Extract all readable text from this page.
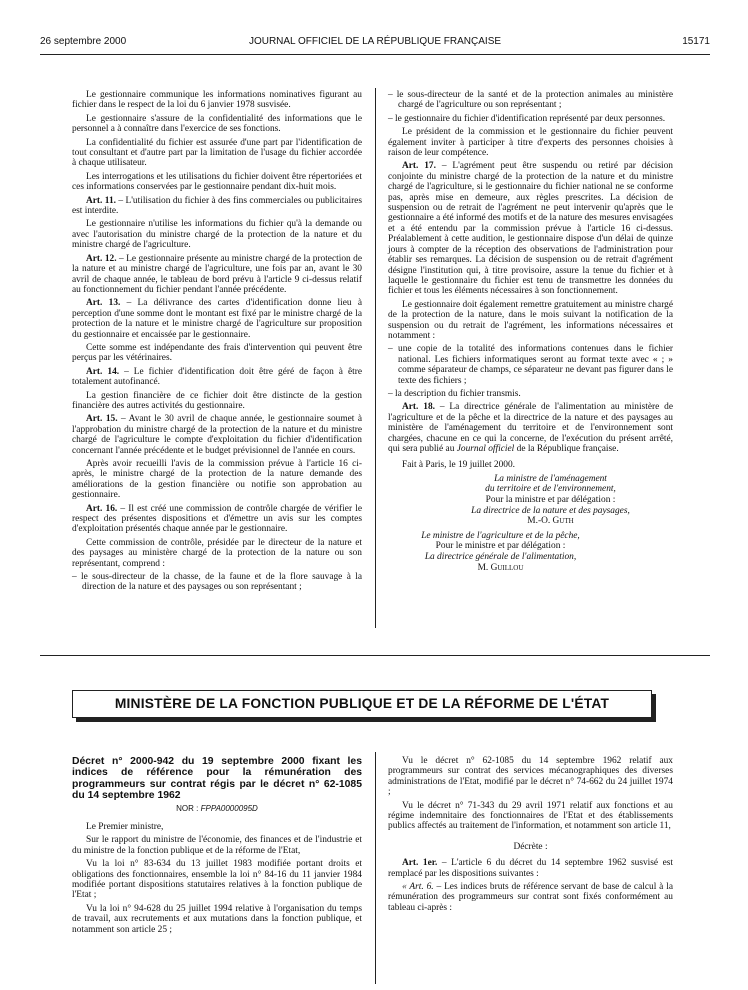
26 septembre 2000	JOURNAL OFFICIEL DE LA RÉPUBLIQUE FRANÇAISE	15171

Le gestionnaire communique les informations nominatives figurant au fichier dans le respect de la loi du 6 janvier 1978 susvisée.

Le gestionnaire s'assure de la confidentialité des informations que le personnel a à connaître dans l'exercice de ses fonctions.

La confidentialité du fichier est assurée d'une part par l'identification de tout consultant et d'autre part par la limitation de l'usage du fichier accordée à chaque utilisateur.

Les interrogations et les utilisations du fichier doivent être répertoriées et ces informations conservées par le gestionnaire pendant dix-huit mois.

Art. 11. – L'utilisation du fichier à des fins commerciales ou publicitaires est interdite.

Le gestionnaire n'utilise les informations du fichier qu'à la demande ou avec l'autorisation du ministre chargé de la protection de la nature et du ministre chargé de l'agriculture.

Art. 12. – Le gestionnaire présente au ministre chargé de la protection de la nature et au ministre chargé de l'agriculture, une fois par an, avant le 30 avril de chaque année, le tableau de bord prévu à l'article 9 ci-dessus relatif au fonctionnement du fichier pendant l'année précédente.

Art. 13. – La délivrance des cartes d'identification donne lieu à perception d'une somme dont le montant est fixé par le ministre chargé de la protection de la nature et le ministre chargé de l'agriculture sur proposition du gestionnaire et encaissée par le gestionnaire.

Cette somme est indépendante des frais d'intervention qui peuvent être perçus par les vétérinaires.

Art. 14. – Le fichier d'identification doit être géré de façon à être totalement autofinancé.

La gestion financière de ce fichier doit être distincte de la gestion financière des autres activités du gestionnaire.

Art. 15. – Avant le 30 avril de chaque année, le gestionnaire soumet à l'approbation du ministre chargé de la protection de la nature et du ministre chargé de l'agriculture le compte d'exploitation du fichier d'identification concernant l'année précédente et le budget prévisionnel de l'année en cours.

Après avoir recueilli l'avis de la commission prévue à l'article 16 ci-après, le ministre chargé de la protection de la nature demande des améliorations de la gestion financière ou notifie son approbation au gestionnaire.

Art. 16. – Il est créé une commission de contrôle chargée de vérifier le respect des présentes dispositions et d'émettre un avis sur les comptes d'exploitation présentés chaque année par le gestionnaire.

Cette commission de contrôle, présidée par le directeur de la nature et des paysages au ministère chargé de la protection de la nature ou son représentant, comprend :

– le sous-directeur de la chasse, de la faune et de la flore sauvage à la direction de la nature et des paysages ou son représentant ;

– le sous-directeur de la santé et de la protection animales au ministère chargé de l'agriculture ou son représentant ;

– le gestionnaire du fichier d'identification représenté par deux personnes.

Le président de la commission et le gestionnaire du fichier peuvent également inviter à participer à titre d'experts des personnes choisies à raison de leur compétence.

Art. 17. – L'agrément peut être suspendu ou retiré par décision conjointe du ministre chargé de la protection de la nature et du ministre chargé de l'agriculture, si le gestionnaire du fichier national ne se conforme pas, après mise en demeure, aux règles prescrites. La décision de suspension ou de retrait de l'agrément ne peut intervenir qu'après que le gestionnaire a été informé des motifs et de la nature des mesures envisagées et a été entendu par la commission prévue à l'article 16 ci-dessus. Préalablement à cette audition, le gestionnaire dispose d'un délai de quinze jours à compter de la réception des observations de l'administration pour établir ses remarques. La décision de suspension ou de retrait d'agrément désigne l'institution qui, à titre provisoire, assure la tenue du fichier et à laquelle le gestionnaire du fichier est tenu de transmettre les données du fichier et tous les éléments nécessaires à son fonctionnement.

Le gestionnaire doit également remettre gratuitement au ministre chargé de la protection de la nature, dans le mois suivant la notification de la suspension ou du retrait de l'agrément, les informations nécessaires et notamment :

– une copie de la totalité des informations contenues dans le fichier national. Les fichiers informatiques seront au format texte avec « ; » comme séparateur de champs, ce séparateur ne devant pas figurer dans le texte des fichiers ;

– la description du fichier transmis.

Art. 18. – La directrice générale de l'alimentation au ministère de l'agriculture et de la pêche et la directrice de la nature et des paysages au ministère de l'aménagement du territoire et de l'environnement sont chargées, chacune en ce qui la concerne, de l'exécution du présent arrêté, qui sera publié au Journal officiel de la République française.

Fait à Paris, le 19 juillet 2000.

La ministre de l'aménagement
du territoire et de l'environnement,
Pour la ministre et par délégation :
La directrice de la nature et des paysages,
M.-O. Guth
Le ministre de l'agriculture et de la pêche,
Pour le ministre et par délégation :
La directrice générale de l'alimentation,
M. Guillou
MINISTÈRE DE LA FONCTION PUBLIQUE ET DE LA RÉFORME DE L'ÉTAT
Décret n° 2000-942 du 19 septembre 2000 fixant les indices de référence pour la rémunération des programmeurs sur contrat régis par le décret n° 62-1085 du 14 septembre 1962
NOR : FPPA0000095D

Le Premier ministre,

Sur le rapport du ministre de l'économie, des finances et de l'industrie et du ministre de la fonction publique et de la réforme de l'Etat,

Vu la loi n° 83-634 du 13 juillet 1983 modifiée portant droits et obligations des fonctionnaires, ensemble la loi n° 84-16 du 11 janvier 1984 modifiée portant dispositions statutaires relatives à la fonction publique de l'Etat ;

Vu la loi n° 94-628 du 25 juillet 1994 relative à l'organisation du temps de travail, aux recrutements et aux mutations dans la fonction publique, et notamment son article 25 ;

Vu le décret n° 62-1085 du 14 septembre 1962 relatif aux programmeurs sur contrat des services mécanographiques des diverses administrations de l'Etat, modifié par le décret n° 74-662 du 24 juillet 1974 ;

Vu le décret n° 71-343 du 29 avril 1971 relatif aux fonctions et au régime indemnitaire des fonctionnaires de l'Etat et des établissements publics affectés au traitement de l'information, et notamment son article 11,

Décrète :

Art. 1er. – L'article 6 du décret du 14 septembre 1962 susvisé est remplacé par les dispositions suivantes :

« Art. 6. – Les indices bruts de référence servant de base de calcul à la rémunération des programmeurs sur contrat sont fixés conformément au tableau ci-après :
